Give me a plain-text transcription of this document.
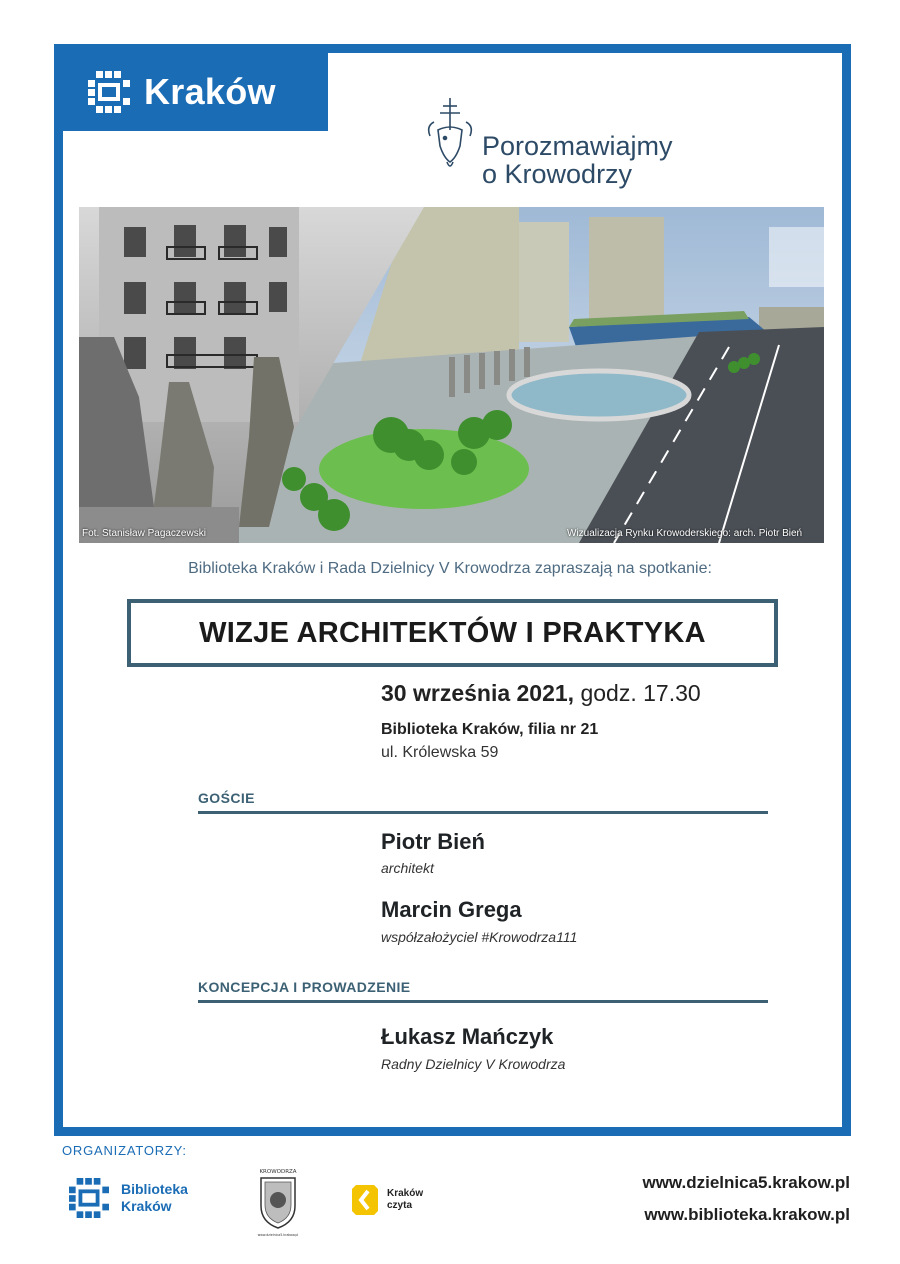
Kraków
Porozmawiajmy
o Krowodrzy
Fot. Stanisław Pagaczewski	Wizualizacja Rynku Krowoderskiego: arch. Piotr Bień
Biblioteka Kraków i Rada Dzielnicy V Krowodrza zapraszają na spotkanie:
WIZJE ARCHITEKTÓW I PRAKTYKA
30 września 2021, godz. 17.30
Biblioteka Kraków, filia nr 21
ul. Królewska 59
GOŚCIE
Piotr Bień
architekt
Marcin Grega
współzałożyciel #Krowodrza111
KONCEPCJA I PROWADZENIE
Łukasz Mańczyk
Radny Dzielnicy V Krowodrza
ORGANIZATORZY:
Biblioteka
Kraków
KROWODRZA
www.dzielnica5.krakow.pl
Kraków
czyta
www.dzielnica5.krakow.pl
www.biblioteka.krakow.pl
